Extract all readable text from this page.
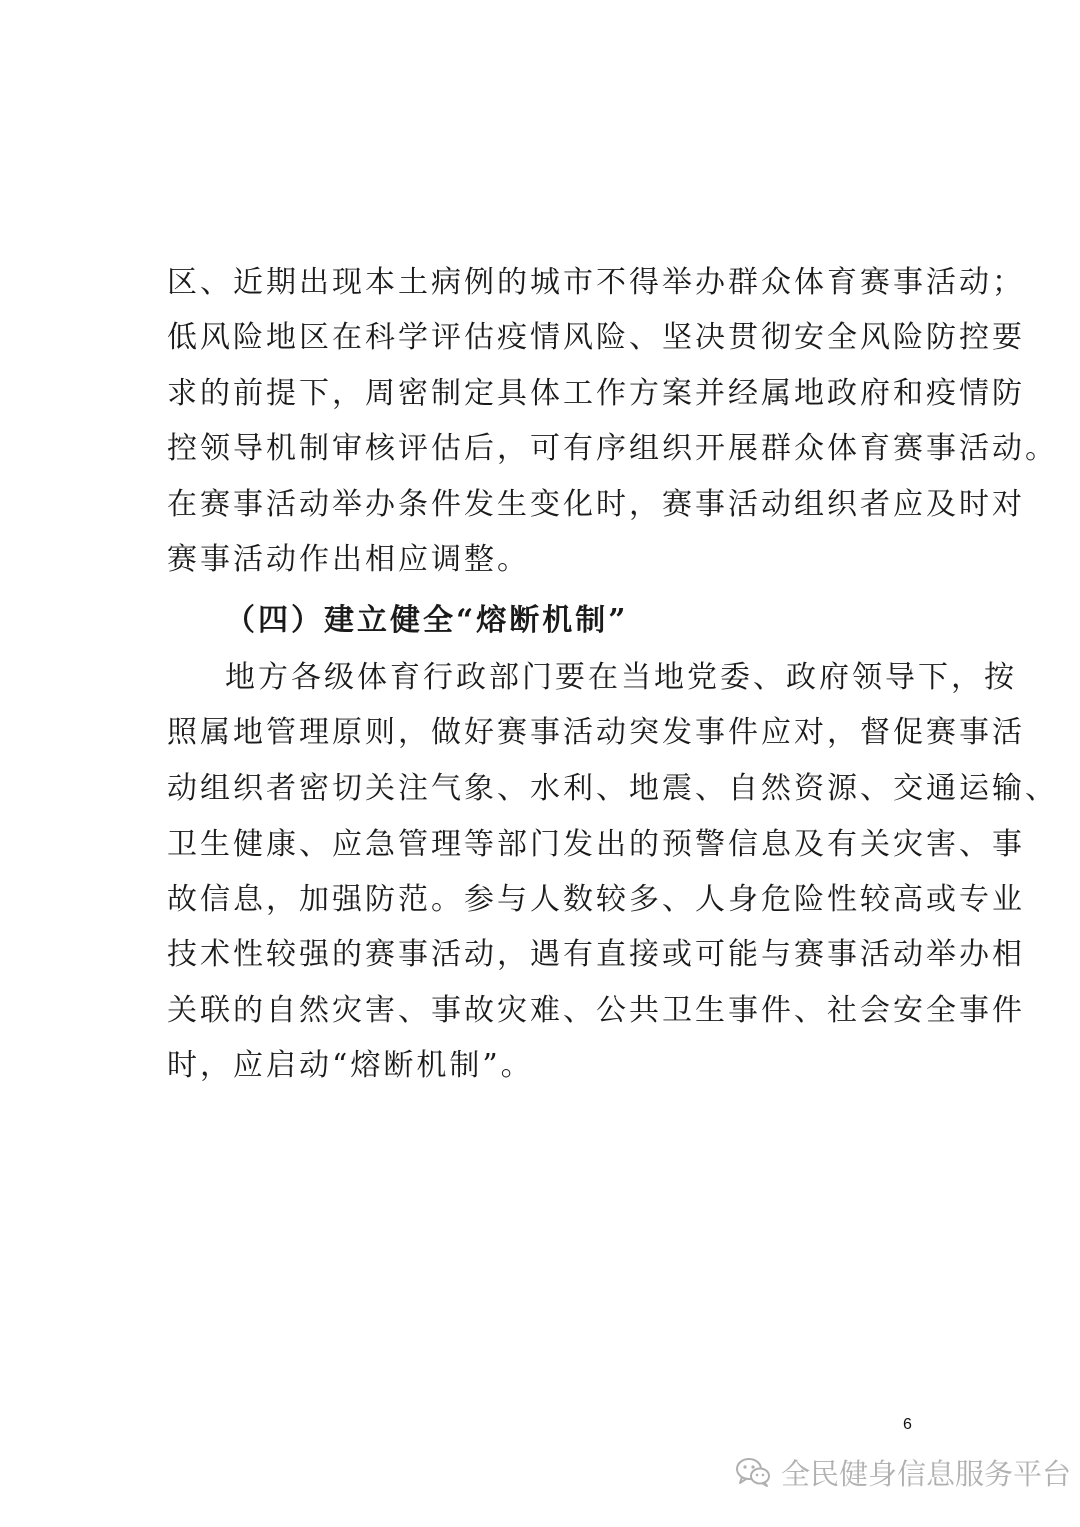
区、近期出现本土病例的城市不得举办群众体育赛事活动；
低风险地区在科学评估疫情风险、坚决贯彻安全风险防控要
求的前提下，周密制定具体工作方案并经属地政府和疫情防
控领导机制审核评估后，可有序组织开展群众体育赛事活动。
在赛事活动举办条件发生变化时，赛事活动组织者应及时对
赛事活动作出相应调整。
（四）建立健全“熔断机制”
地方各级体育行政部门要在当地党委、政府领导下，按
照属地管理原则，做好赛事活动突发事件应对，督促赛事活
动组织者密切关注气象、水利、地震、自然资源、交通运输、
卫生健康、应急管理等部门发出的预警信息及有关灾害、事
故信息，加强防范。参与人数较多、人身危险性较高或专业
技术性较强的赛事活动，遇有直接或可能与赛事活动举办相
关联的自然灾害、事故灾难、公共卫生事件、社会安全事件
时，应启动“熔断机制”。
6
全民健身信息服务平台
